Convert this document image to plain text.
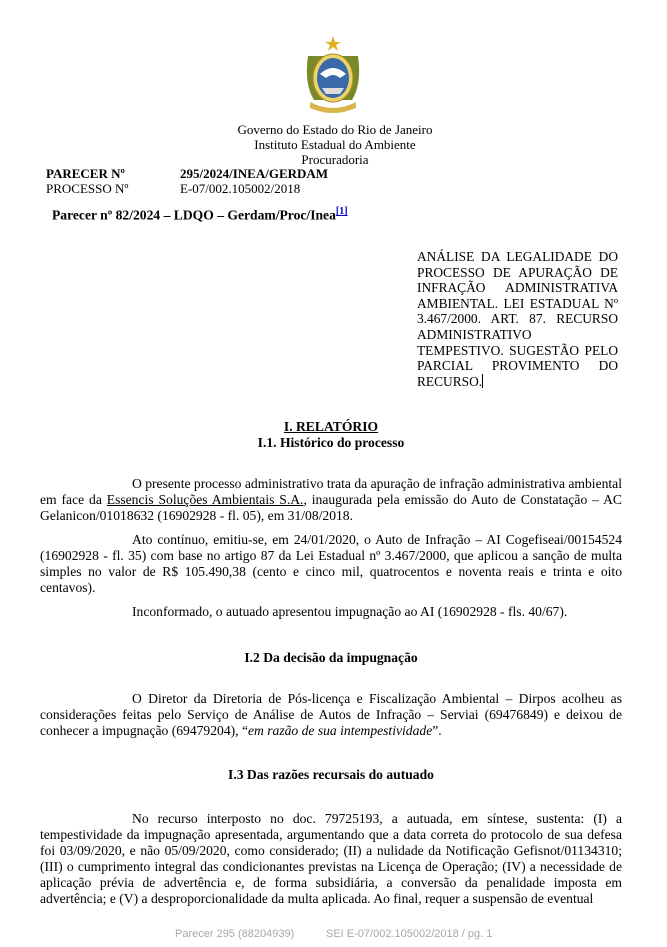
Governo do Estado do Rio de Janeiro
Instituto Estadual do Ambiente
Procuradoria
PARECER Nº	295/2024/INEA/GERDAM
PROCESSO Nº	E-07/002.105002/2018
Parecer nº 82/2024 – LDQO – Gerdam/Proc/Inea[1]
ANÁLISE DA LEGALIDADE DO
PROCESSO DE APURAÇÃO DE
INFRAÇÃO ADMINISTRATIVA
AMBIENTAL. LEI ESTADUAL Nº
3.467/2000. ART. 87. RECURSO
ADMINISTRATIVO
TEMPESTIVO. SUGESTÃO PELO
PARCIAL PROVIMENTO DO
RECURSO.
I. RELATÓRIO
I.1. Histórico do processo
O presente processo administrativo trata da apuração de infração administrativa ambiental em face da Essencis Soluções Ambientais S.A., inaugurada pela emissão do Auto de Constatação – AC Gelanicon/01018632 (16902928 - fl. 05), em 31/08/2018.
Ato contínuo, emitiu-se, em 24/01/2020, o Auto de Infração – AI Cogefiseai/00154524 (16902928 - fl. 35) com base no artigo 87 da Lei Estadual nº 3.467/2000, que aplicou a sanção de multa simples no valor de R$ 105.490,38 (cento e cinco mil, quatrocentos e noventa reais e trinta e oito centavos).
Inconformado, o autuado apresentou impugnação ao AI (16902928 - fls. 40/67).
I.2 Da decisão da impugnação
O Diretor da Diretoria de Pós-licença e Fiscalização Ambiental – Dirpos acolheu as considerações feitas pelo Serviço de Análise de Autos de Infração – Serviai (69476849) e deixou de conhecer a impugnação (69479204), “em razão de sua intempestividade”.
I.3 Das razões recursais do autuado
No recurso interposto no doc. 79725193, a autuada, em síntese, sustenta: (I) a tempestividade da impugnação apresentada, argumentando que a data correta do protocolo de sua defesa foi 03/09/2020, e não 05/09/2020, como considerado; (II) a nulidade da Notificação Gefisnot/01134310; (III) o cumprimento integral das condicionantes previstas na Licença de Operação; (IV) a necessidade de aplicação prévia de advertência e, de forma subsidiária, a conversão da penalidade imposta em advertência; e (V) a desproporcionalidade da multa aplicada. Ao final, requer a suspensão de eventual
Parecer 295 (88204939)	SEI E-07/002.105002/2018 / pg. 1
